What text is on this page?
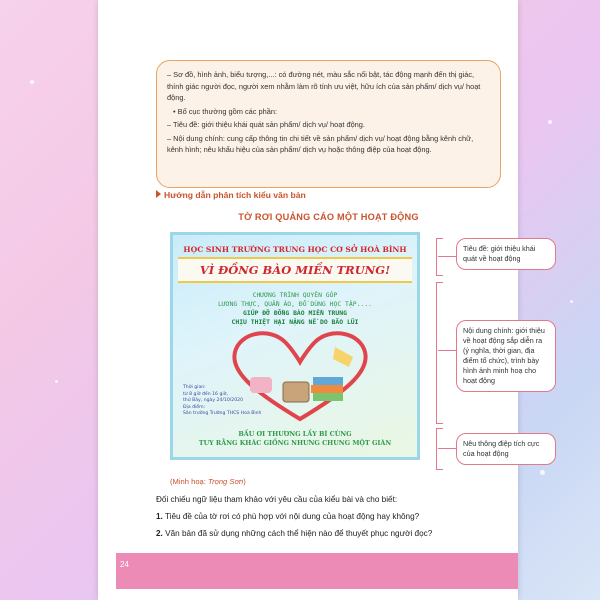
– Sơ đồ, hình ảnh, biểu tượng,...: có đường nét, màu sắc nổi bật, tác động mạnh đến thị giác, thính giác người đọc, người xem nhằm làm rõ tính ưu việt, hữu ích của sản phẩm/ dịch vụ/ hoạt động.

• Bố cục thường gồm các phần:

– Tiêu đề: giới thiệu khái quát sản phẩm/ dịch vụ/ hoạt động.

– Nội dung chính: cung cấp thông tin chi tiết về sản phẩm/ dịch vụ/ hoạt động bằng kênh chữ, kênh hình; nêu khẩu hiệu của sản phẩm/ dịch vụ hoặc thông điệp của hoạt động.

Hướng dẫn phân tích kiểu văn bản
TỜ RƠI QUẢNG CÁO MỘT HOẠT ĐỘNG
HỌC SINH TRƯỜNG TRUNG HỌC CƠ SỞ HOÀ BÌNH
VÌ ĐỒNG BÀO MIỀN TRUNG!
CHƯƠNG TRÌNH QUYÊN GÓP
LƯƠNG THỰC, QUẦN ÁO, ĐỒ DÙNG HỌC TẬP....
GIÚP ĐỠ ĐỒNG BÀO MIỀN TRUNG
CHỊU THIỆT HẠI NẶNG NỀ DO BÃO LŨI
Thời gian:
từ 8 giờ đến 16 giờ,
thứ Bảy, ngày 24/10/2020
Địa điểm:
Sân trường Trường THCS Hoà Bình
BẦU ƠI THƯƠNG LẤY BÍ CÙNG
TUY RẰNG KHÁC GIỐNG NHƯNG CHUNG MỘT GIÀN
Tiêu đề: giới thiệu khái quát về hoạt động
Nội dung chính: giới thiệu về hoạt động sắp diễn ra (ý nghĩa, thời gian, địa điểm tổ chức), trình bày hình ảnh minh hoạ cho hoạt động
Nêu thông điệp tích cực của hoạt động
(Minh hoạ: Trọng Sơn)
Đối chiếu ngữ liệu tham khảo với yêu cầu của kiểu bài và cho biết:
1. Tiêu đề của tờ rơi có phù hợp với nội dung của hoạt động hay không?
2. Văn bản đã sử dụng những cách thể hiện nào để thuyết phục người đọc?
24
